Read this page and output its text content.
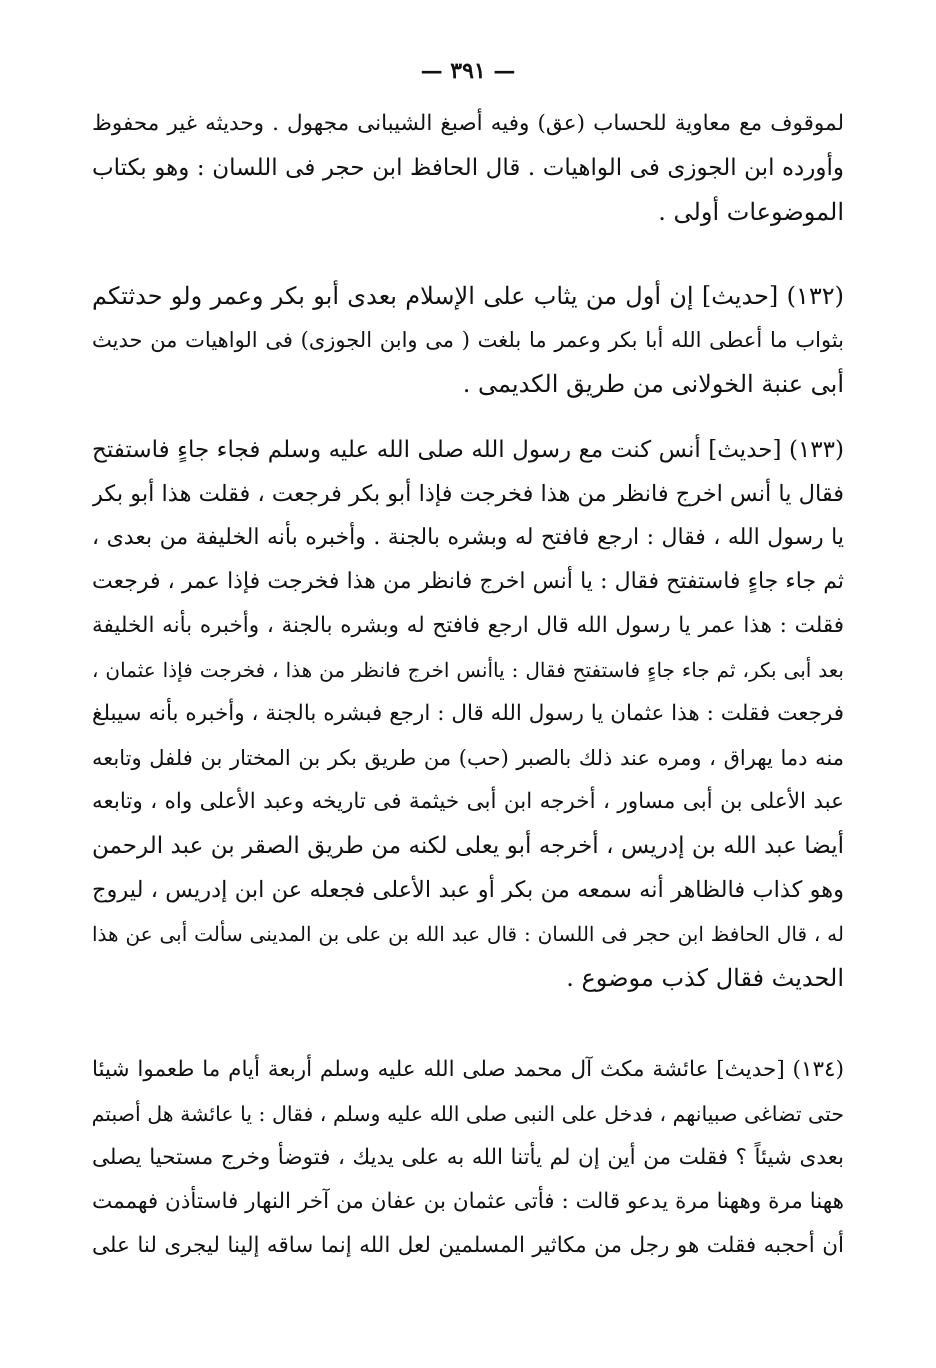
— ٣٩١ —
لموقوف مع معاوية للحساب (عق) وفيه أصبغ الشيبانى مجهول . وحديثه غير محفوظ
وأورده ابن الجوزى فى الواهيات . قال الحافظ ابن حجر فى اللسان : وهو بكتاب
الموضوعات أولى .
(١٣٢) [حديث] إن أول من يثاب على الإسلام بعدى أبو بكر وعمر ولو حدثتكم
بثواب ما أعطى الله أبا بكر وعمر ما بلغت ( مى وابن الجوزى) فى الواهيات من حديث
أبى عنبة الخولانى من طريق الكديمى .
(١٣٣) [حديث] أنس كنت مع رسول الله صلى الله عليه وسلم فجاء جاءٍ فاستفتح
فقال يا أنس اخرج فانظر من هذا فخرجت فإذا أبو بكر فرجعت ، فقلت هذا أبو بكر
يا رسول الله ، فقال : ارجع فافتح له وبشره بالجنة . وأخبره بأنه الخليفة من بعدى ،
ثم جاء جاءٍ فاستفتح فقال : يا أنس اخرج فانظر من هذا فخرجت فإذا عمر ، فرجعت
فقلت : هذا عمر يا رسول الله قال ارجع فافتح له وبشره بالجنة ، وأخبره بأنه الخليفة
بعد أبى بكر، ثم جاء جاءٍ فاستفتح فقال : ياأنس اخرج فانظر من هذا ، فخرجت فإذا عثمان ،
فرجعت فقلت : هذا عثمان يا رسول الله قال : ارجع فبشره بالجنة ، وأخبره بأنه سيبلغ
منه دما يهراق ، ومره عند ذلك بالصبر (حب) من طريق بكر بن المختار بن فلفل وتابعه
عبد الأعلى بن أبى مساور ، أخرجه ابن أبى خيثمة فى تاريخه وعبد الأعلى واه ، وتابعه
أيضا عبد الله بن إدريس ، أخرجه أبو يعلى لكنه من طريق الصقر بن عبد الرحمن
وهو كذاب فالظاهر أنه سمعه من بكر أو عبد الأعلى فجعله عن ابن إدريس ، ليروج
له ، قال الحافظ ابن حجر فى اللسان : قال عبد الله بن على بن المدينى سألت أبى عن هذا
الحديث فقال كذب موضوع .
(١٣٤) [حديث] عائشة مكث آل محمد صلى الله عليه وسلم أربعة أيام ما طعموا شيئا
حتى تضاغى صبيانهم ، فدخل على النبى صلى الله عليه وسلم ، فقال : يا عائشة هل أصبتم
بعدى شيئاً ؟ فقلت من أين إن لم يأتنا الله به على يديك ، فتوضأ وخرج مستحيا يصلى
ههنا مرة وههنا مرة يدعو قالت : فأتى عثمان بن عفان من آخر النهار فاستأذن فهممت
أن أحجبه فقلت هو رجل من مكاثير المسلمين لعل الله إنما ساقه إلينا ليجرى لنا على
